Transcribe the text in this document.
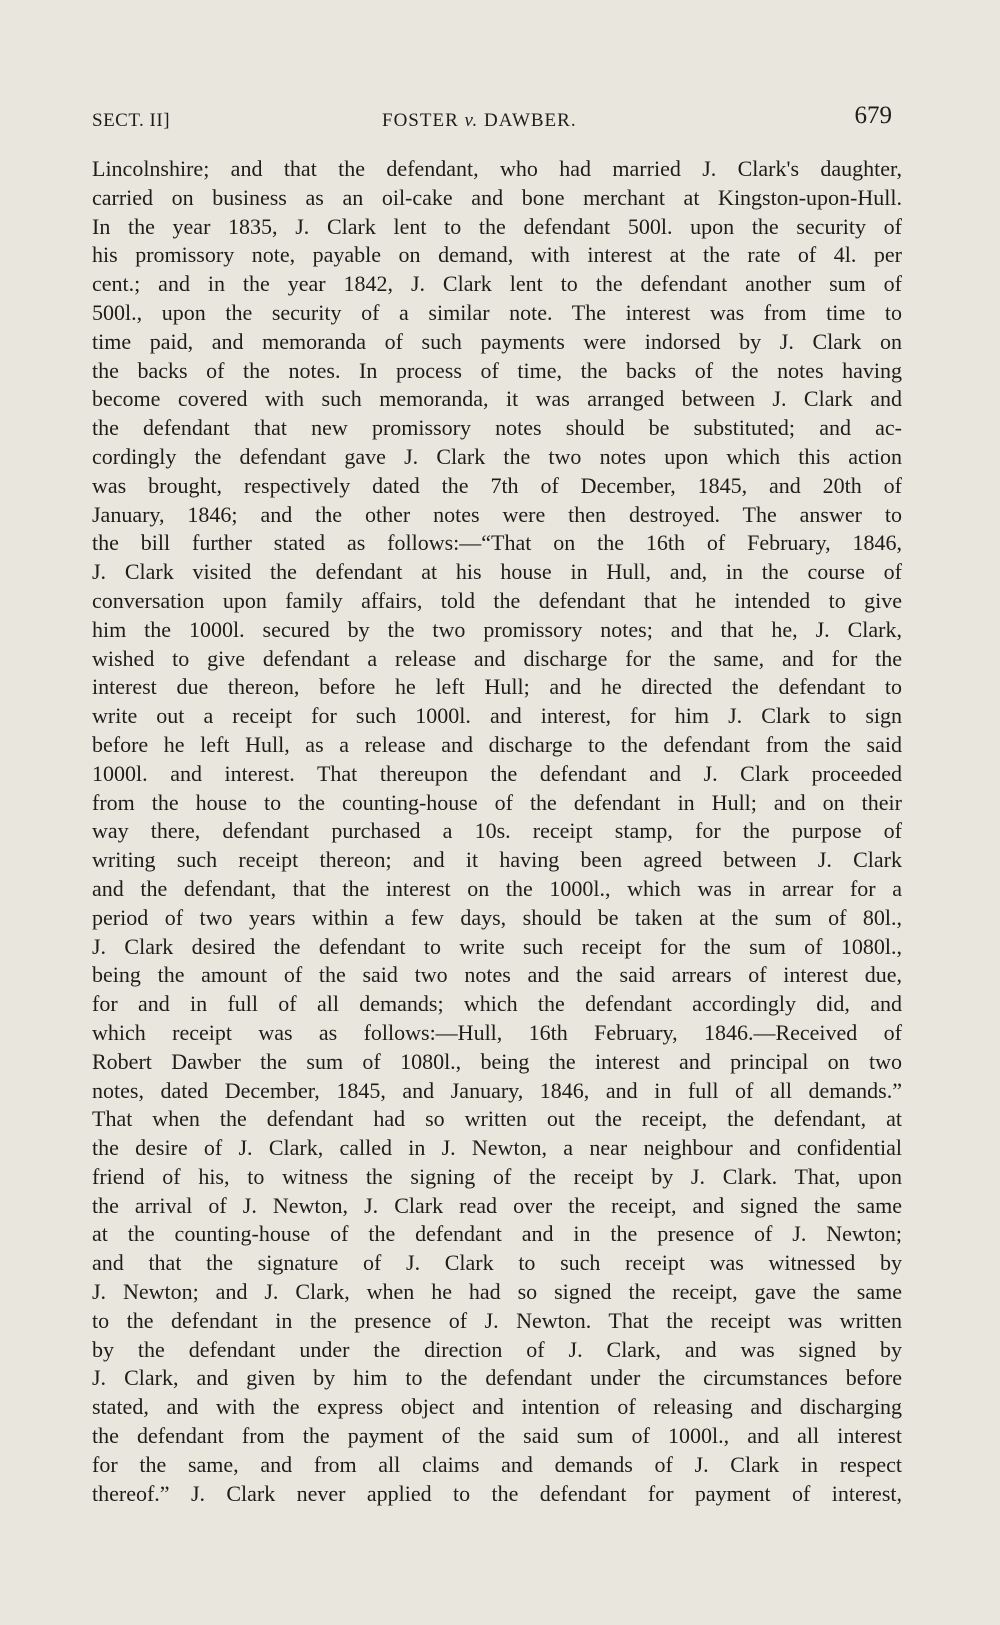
SECT. II]	FOSTER v. DAWBER.	679
Lincolnshire; and that the defendant, who had married J. Clark's daughter,
carried on business as an oil-cake and bone merchant at Kingston-upon-Hull.
In the year 1835, J. Clark lent to the defendant 500l. upon the security of
his promissory note, payable on demand, with interest at the rate of 4l. per
cent.; and in the year 1842, J. Clark lent to the defendant another sum of
500l., upon the security of a similar note. The interest was from time to
time paid, and memoranda of such payments were indorsed by J. Clark on
the backs of the notes. In process of time, the backs of the notes having
become covered with such memoranda, it was arranged between J. Clark and
the defendant that new promissory notes should be substituted; and ac-
cordingly the defendant gave J. Clark the two notes upon which this action
was brought, respectively dated the 7th of December, 1845, and 20th of
January, 1846; and the other notes were then destroyed. The answer to
the bill further stated as follows:—“That on the 16th of February, 1846,
J. Clark visited the defendant at his house in Hull, and, in the course of
conversation upon family affairs, told the defendant that he intended to give
him the 1000l. secured by the two promissory notes; and that he, J. Clark,
wished to give defendant a release and discharge for the same, and for the
interest due thereon, before he left Hull; and he directed the defendant to
write out a receipt for such 1000l. and interest, for him J. Clark to sign
before he left Hull, as a release and discharge to the defendant from the said
1000l. and interest. That thereupon the defendant and J. Clark proceeded
from the house to the counting-house of the defendant in Hull; and on their
way there, defendant purchased a 10s. receipt stamp, for the purpose of
writing such receipt thereon; and it having been agreed between J. Clark
and the defendant, that the interest on the 1000l., which was in arrear for a
period of two years within a few days, should be taken at the sum of 80l.,
J. Clark desired the defendant to write such receipt for the sum of 1080l.,
being the amount of the said two notes and the said arrears of interest due,
for and in full of all demands; which the defendant accordingly did, and
which receipt was as follows:—Hull, 16th February, 1846.—Received of
Robert Dawber the sum of 1080l., being the interest and principal on two
notes, dated December, 1845, and January, 1846, and in full of all demands.”
That when the defendant had so written out the receipt, the defendant, at
the desire of J. Clark, called in J. Newton, a near neighbour and confidential
friend of his, to witness the signing of the receipt by J. Clark. That, upon
the arrival of J. Newton, J. Clark read over the receipt, and signed the same
at the counting-house of the defendant and in the presence of J. Newton;
and that the signature of J. Clark to such receipt was witnessed by
J. Newton; and J. Clark, when he had so signed the receipt, gave the same
to the defendant in the presence of J. Newton. That the receipt was written
by the defendant under the direction of J. Clark, and was signed by
J. Clark, and given by him to the defendant under the circumstances before
stated, and with the express object and intention of releasing and discharging
the defendant from the payment of the said sum of 1000l., and all interest
for the same, and from all claims and demands of J. Clark in respect
thereof.” J. Clark never applied to the defendant for payment of interest,
